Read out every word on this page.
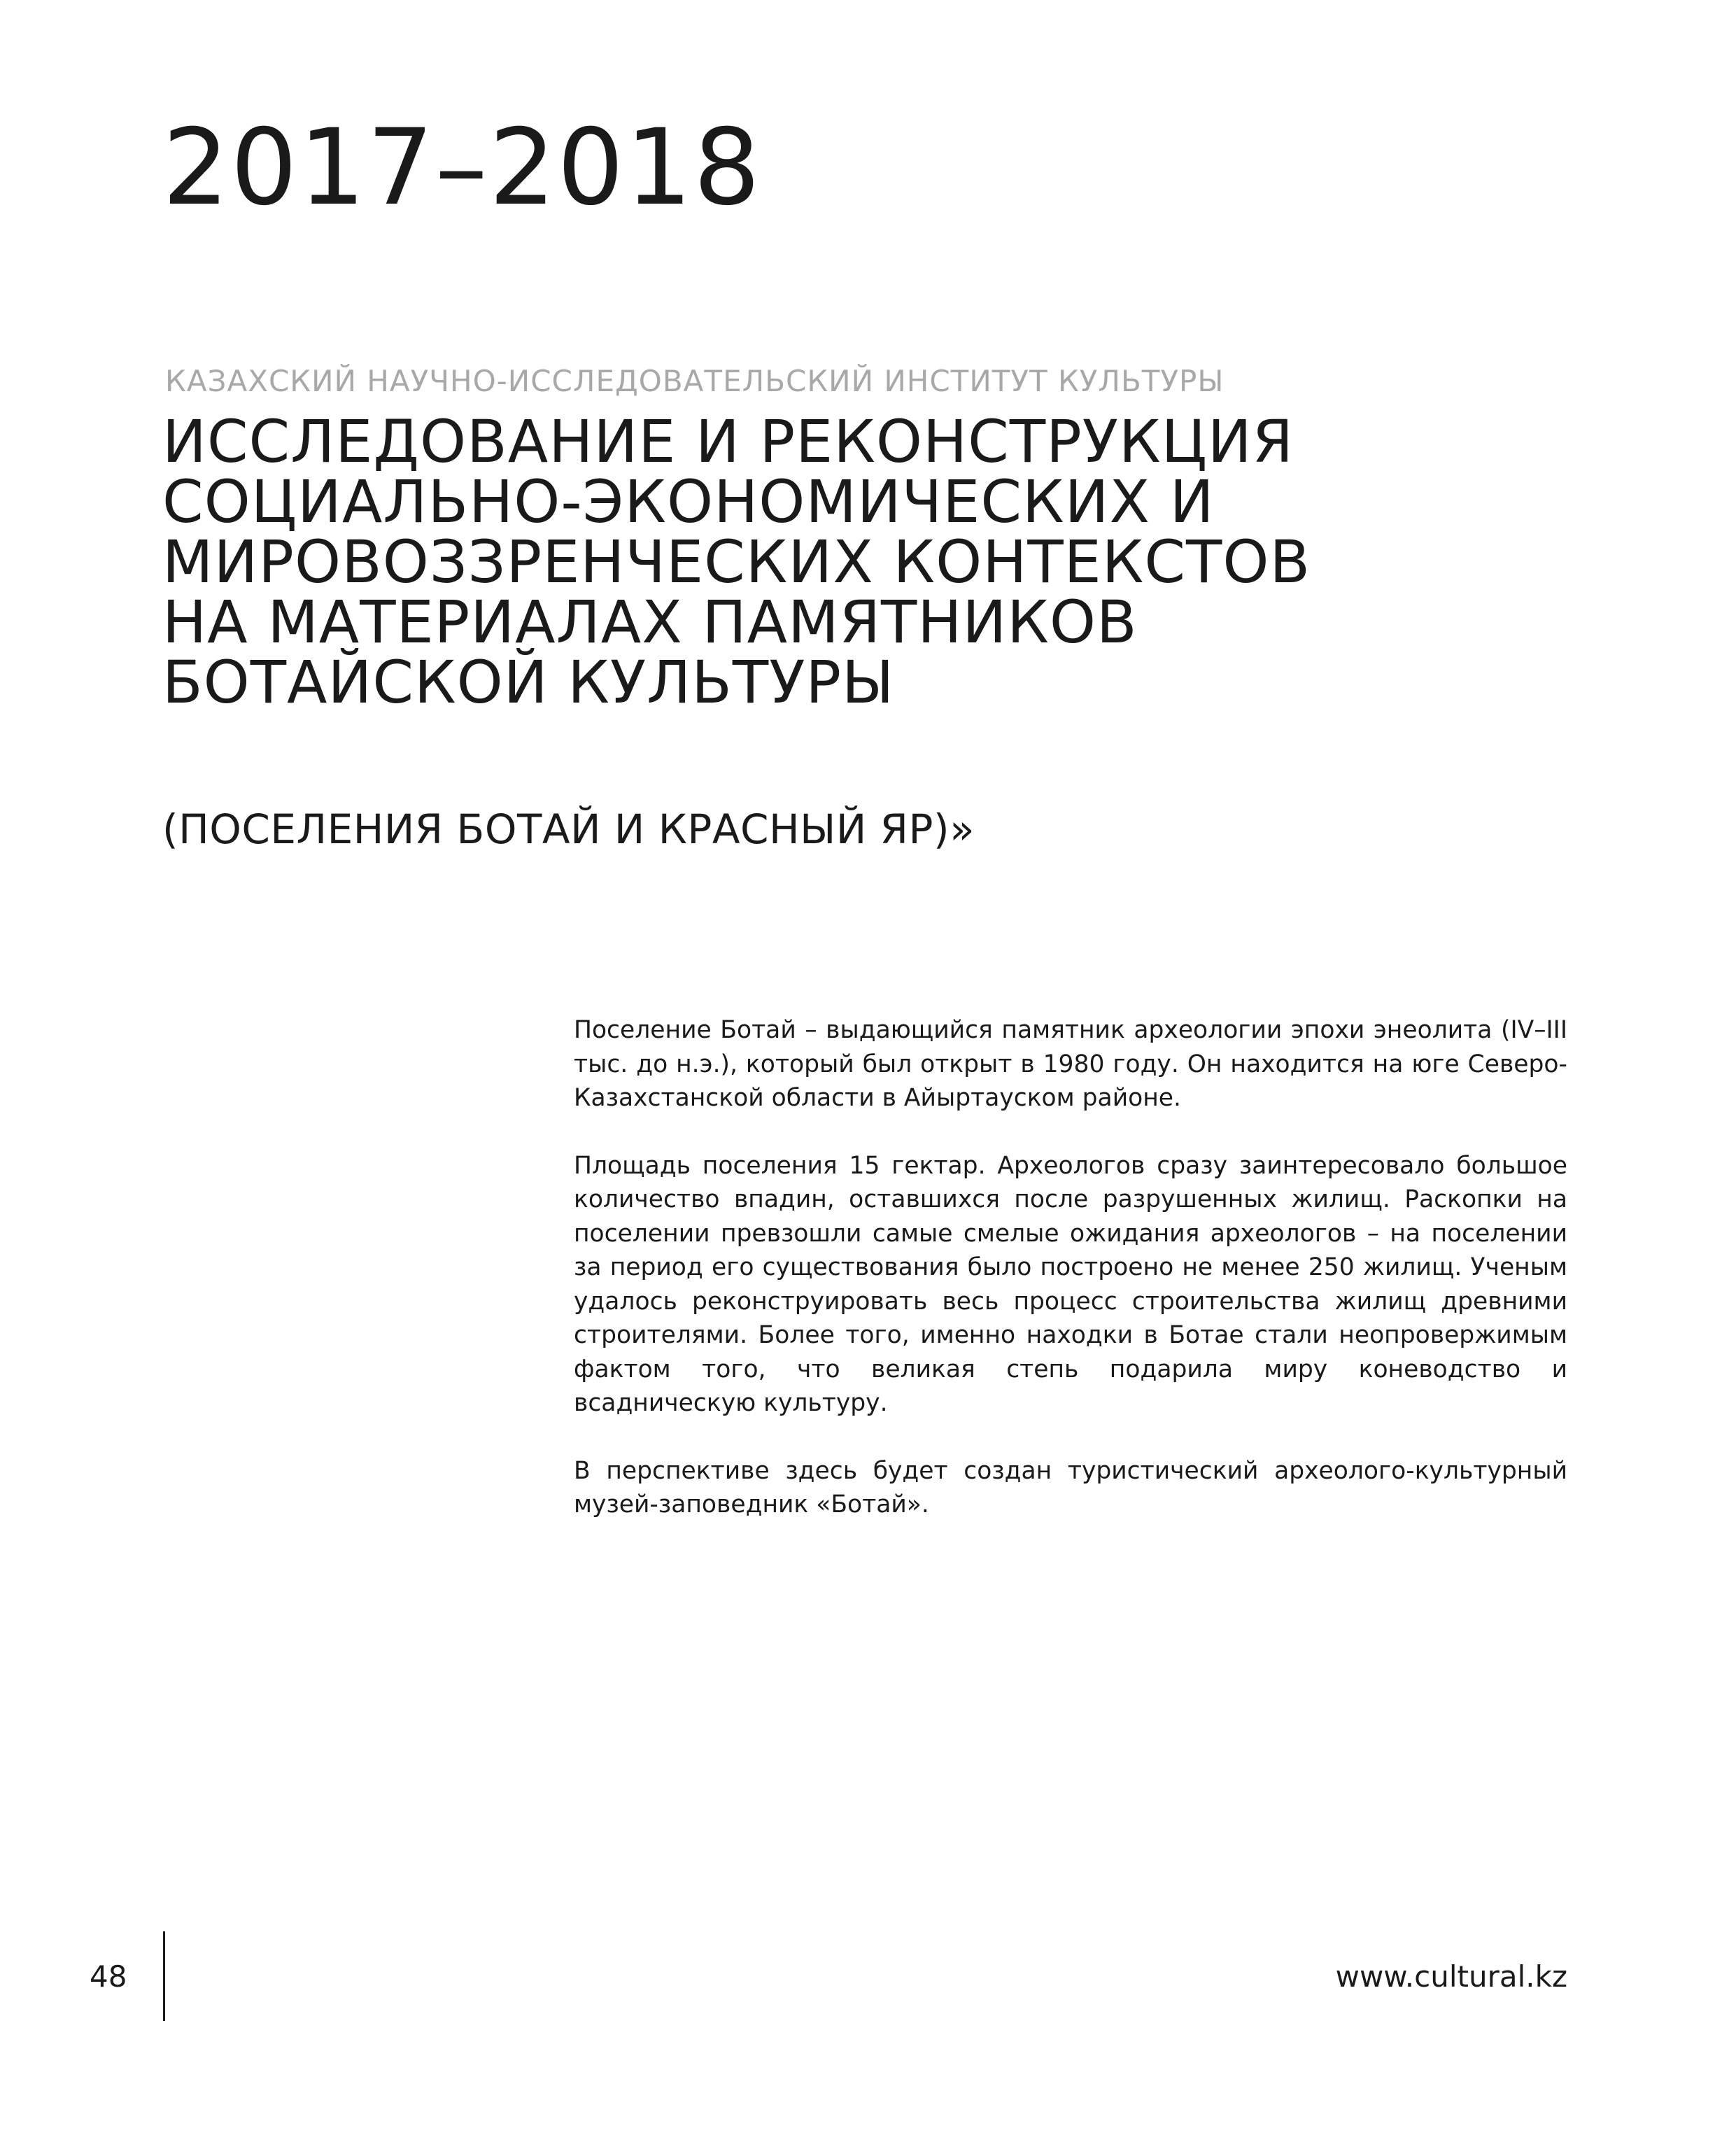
2017–2018

КАЗАХСКИЙ НАУЧНО-ИССЛЕДОВАТЕЛЬСКИЙ ИНСТИТУТ КУЛЬТУРЫ

ИССЛЕДОВАНИЕ И РЕКОНСТРУКЦИЯ
СОЦИАЛЬНО-ЭКОНОМИЧЕСКИХ И
МИРОВОЗЗРЕНЧЕСКИХ КОНТЕКСТОВ
НА МАТЕРИАЛАХ ПАМЯТНИКОВ
БОТАЙСКОЙ КУЛЬТУРЫ

(ПОСЕЛЕНИЯ БОТАЙ И КРАСНЫЙ ЯР)»

Поселение Ботай – выдающийся памятник археологии эпохи энеолита (IV–III тыс. до н.э.), который был открыт в 1980 году. Он находится на юге Северо-Казахстанской области в Айыртауском районе.

Площадь поселения 15 гектар. Археологов сразу заинтересовало большое количество впадин, оставшихся после разрушенных жилищ. Раскопки на поселении превзошли самые смелые ожидания археологов – на поселении за период его существования было построено не менее 250 жилищ. Ученым удалось реконструировать весь процесс строительства жилищ древними строителями. Более того, именно находки в Ботае стали неопровержимым фактом того, что великая степь подарила миру коневодство и всадническую культуру.

В перспективе здесь будет создан туристический археолого-культурный музей-заповедник «Ботай».

48	www.cultural.kz
